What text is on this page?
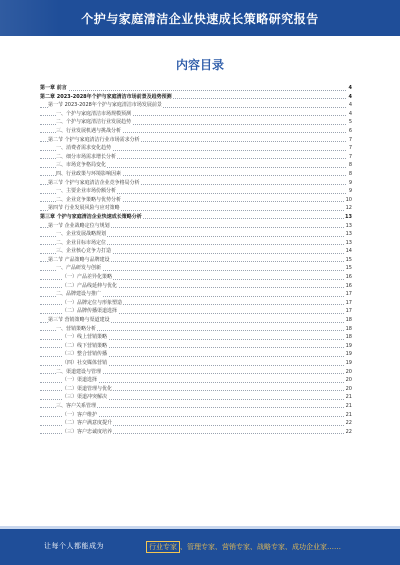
个护与家庭清洁企业快速成长策略研究报告
内容目录
第一章 前言	4
第二章 2023-2028年个护与家庭清洁市场前景及趋势预测	4
第一节 2023-2028年个护与家庭清洁市场发展前景	4
一、个护与家庭清洁市场规模预测	4
二、个护与家庭清洁行业发展趋势	5
三、行业发展机遇与挑战分析	6
第二节 个护与家庭清洁行业市场需求分析	7
一、消费者需求变化趋势	7
二、细分市场需求增长分析	7
三、市场竞争格局变化	8
四、行业政策与环境影响因素	8
第三节 个护与家庭清洁企业竞争格局分析	9
一、主要企业市场份额分析	9
二、企业竞争策略与优势分析	10
第四节 行业发展风险与应对策略	12
第三章 个护与家庭清洁企业快速成长策略分析	13
第一节 企业战略定位与规划	13
一、企业发展战略规划	13
二、企业目标市场定位	13
三、企业核心竞争力打造	14
第二节 产品策略与品牌建设	15
一、产品研发与创新	15
（一）产品差异化策略	16
（二）产品线延伸与优化	16
二、品牌建设与推广	17
（一）品牌定位与形象塑造	17
（二）品牌传播渠道选择	17
第三节 营销策略与渠道建设	18
一、营销策略分析	18
（一）线上营销策略	18
（二）线下营销策略	19
（三）整合营销传播	19
（四）社交媒体营销	19
二、渠道建设与管理	20
（一）渠道选择	20
（二）渠道管理与优化	20
（三）渠道冲突解决	21
三、客户关系管理	21
（一）客户维护	21
（二）客户满意度提升	22
（三）客户忠诚度培养	22
让每个人都能成为	行业专家 、管理专家、营销专家、战略专家、成功企业家……
